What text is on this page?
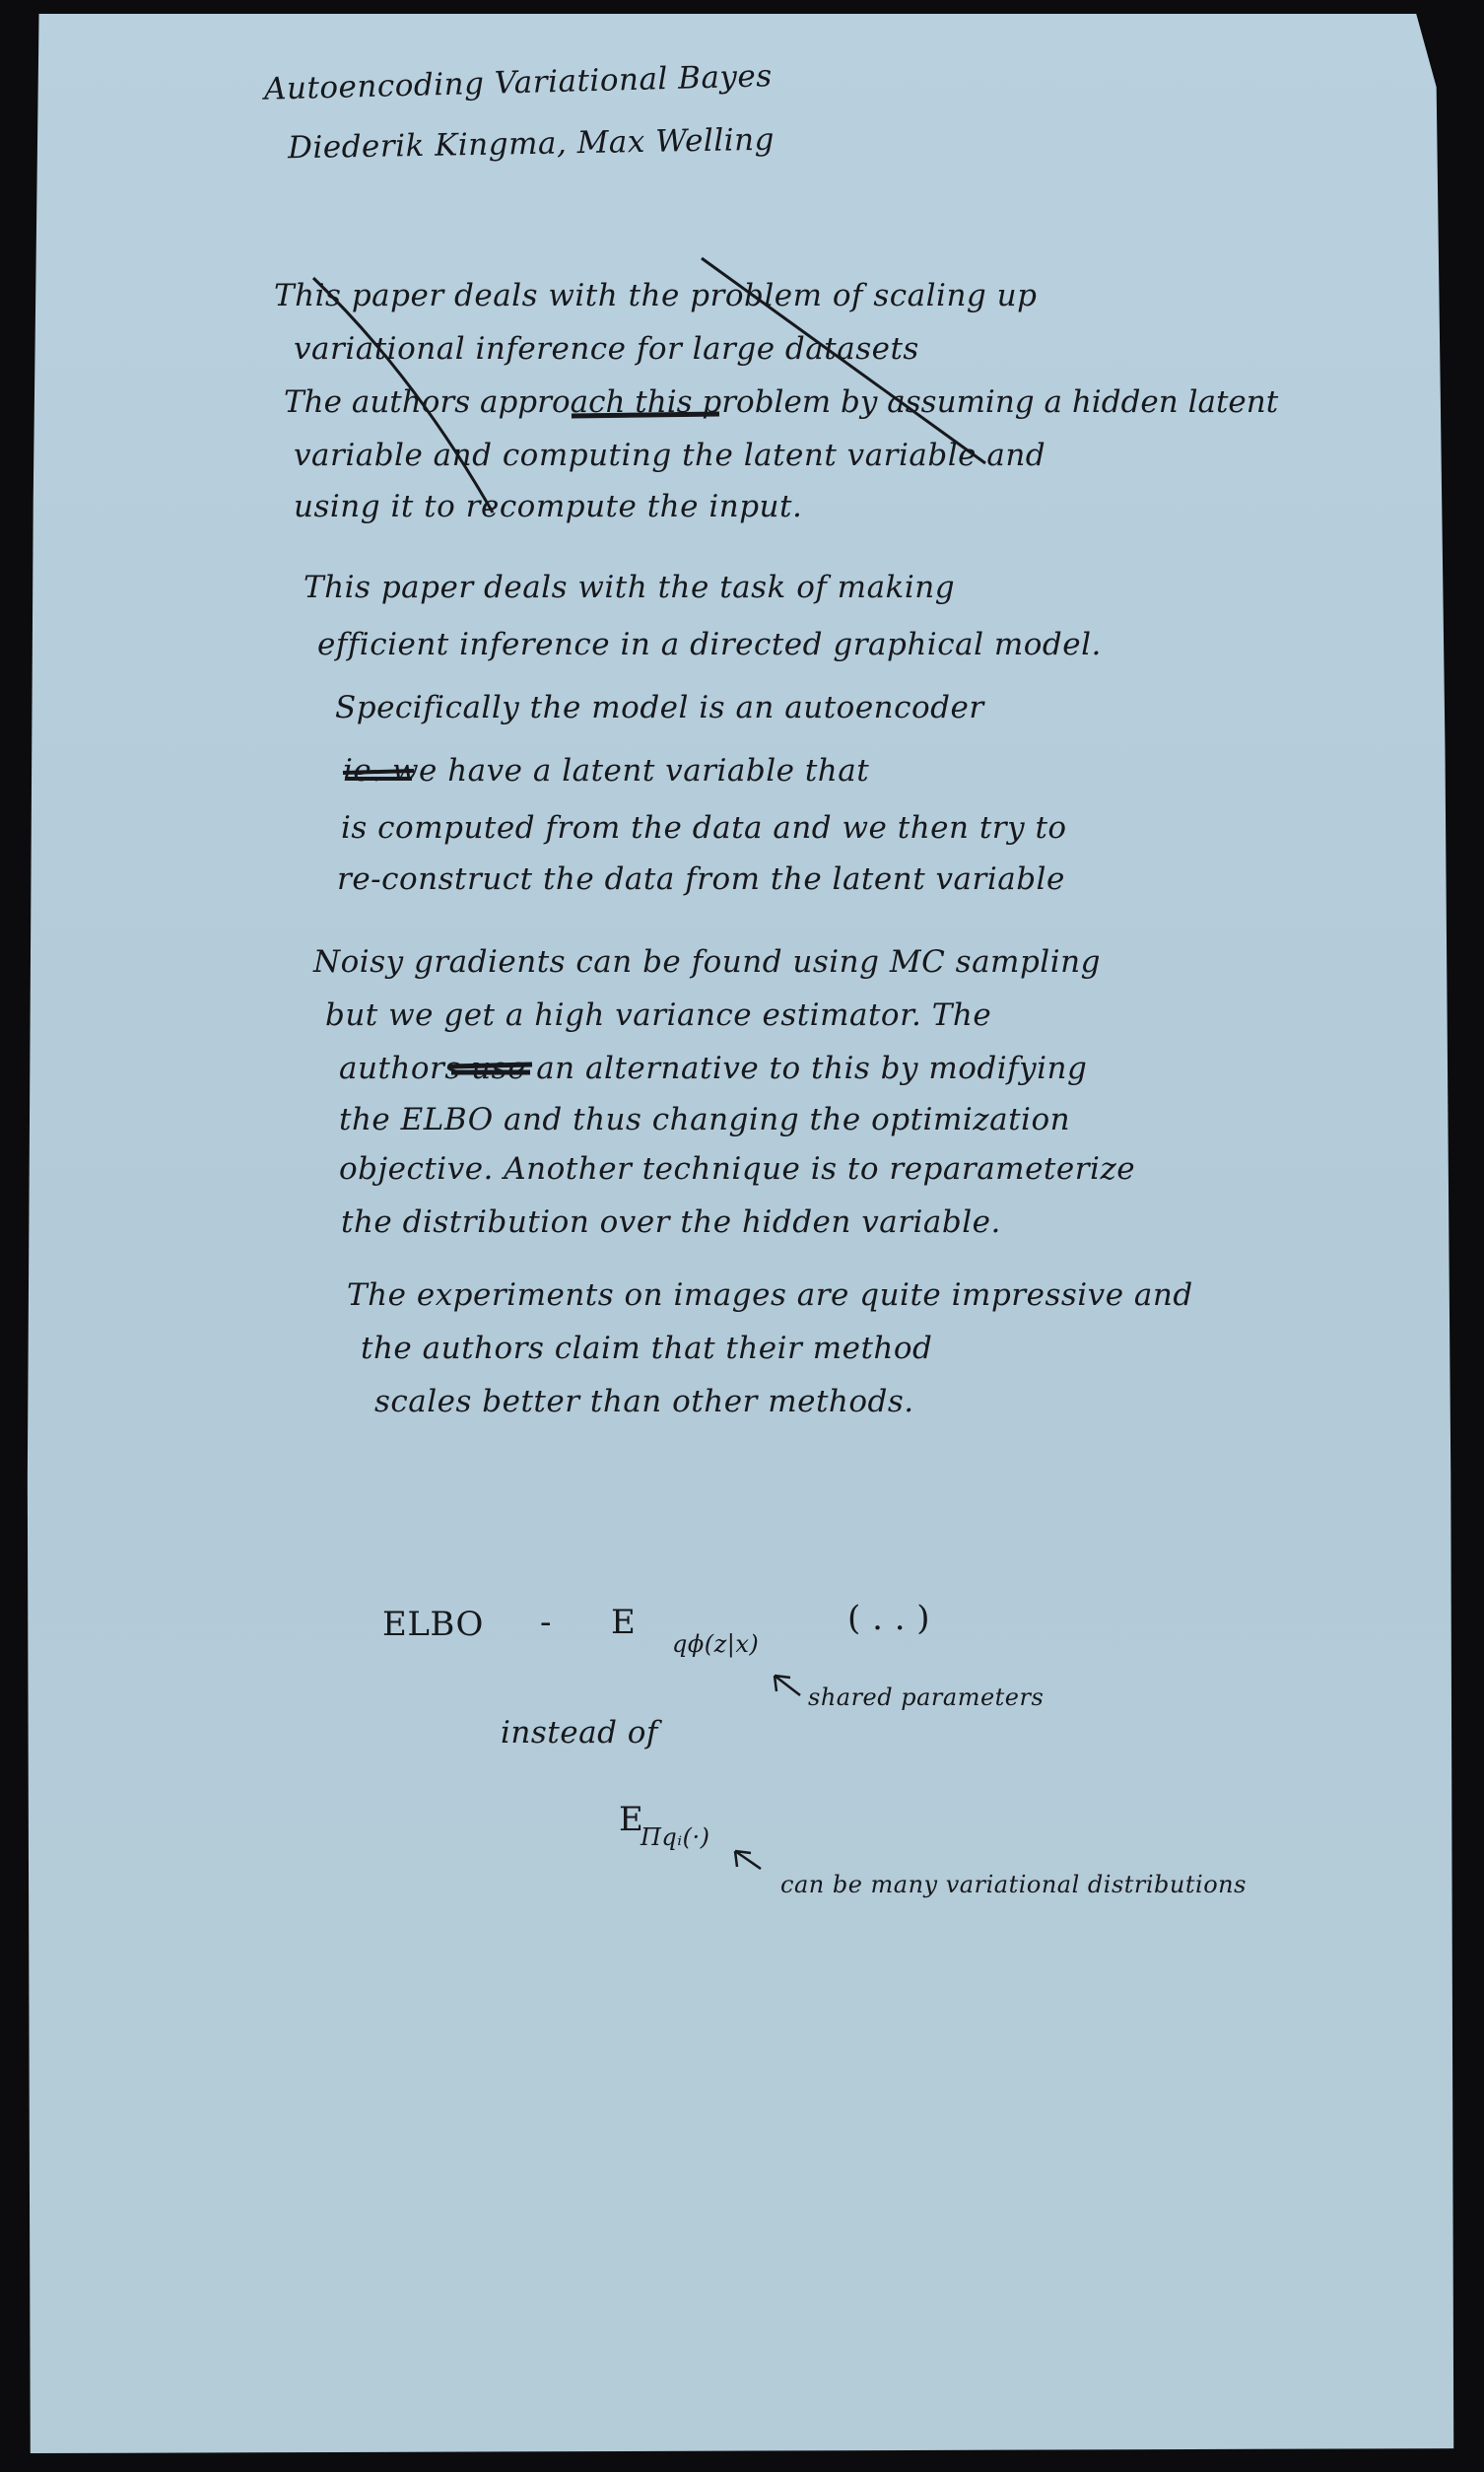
Autoencoding Variational Bayes
Diederik Kingma, Max Welling
This paper deals with the problem of scaling up
variational inference for large datasets
The authors approach this problem by assuming a hidden latent
variable and computing the latent variable and
using it to recompute the input.
This paper deals with the task of making
efficient inference in a directed graphical model.
Specifically the model is an autoencoder
ie. we have a latent variable that
is computed from the data and we then try to
re-construct the data from the latent variable
Noisy gradients can be found using MC sampling
but we get a high variance estimator. The
authors use an alternative to this by modifying
the ELBO and thus changing the optimization
objective. Another technique is to reparameterize
the distribution over the hidden variable.
The experiments on images are quite impressive and
the authors claim that their method
scales better than other methods.
ELBO - E
qϕ(z|x)
( . . )
shared parameters
instead of
E
Πqᵢ(·)
can be many variational distributions
